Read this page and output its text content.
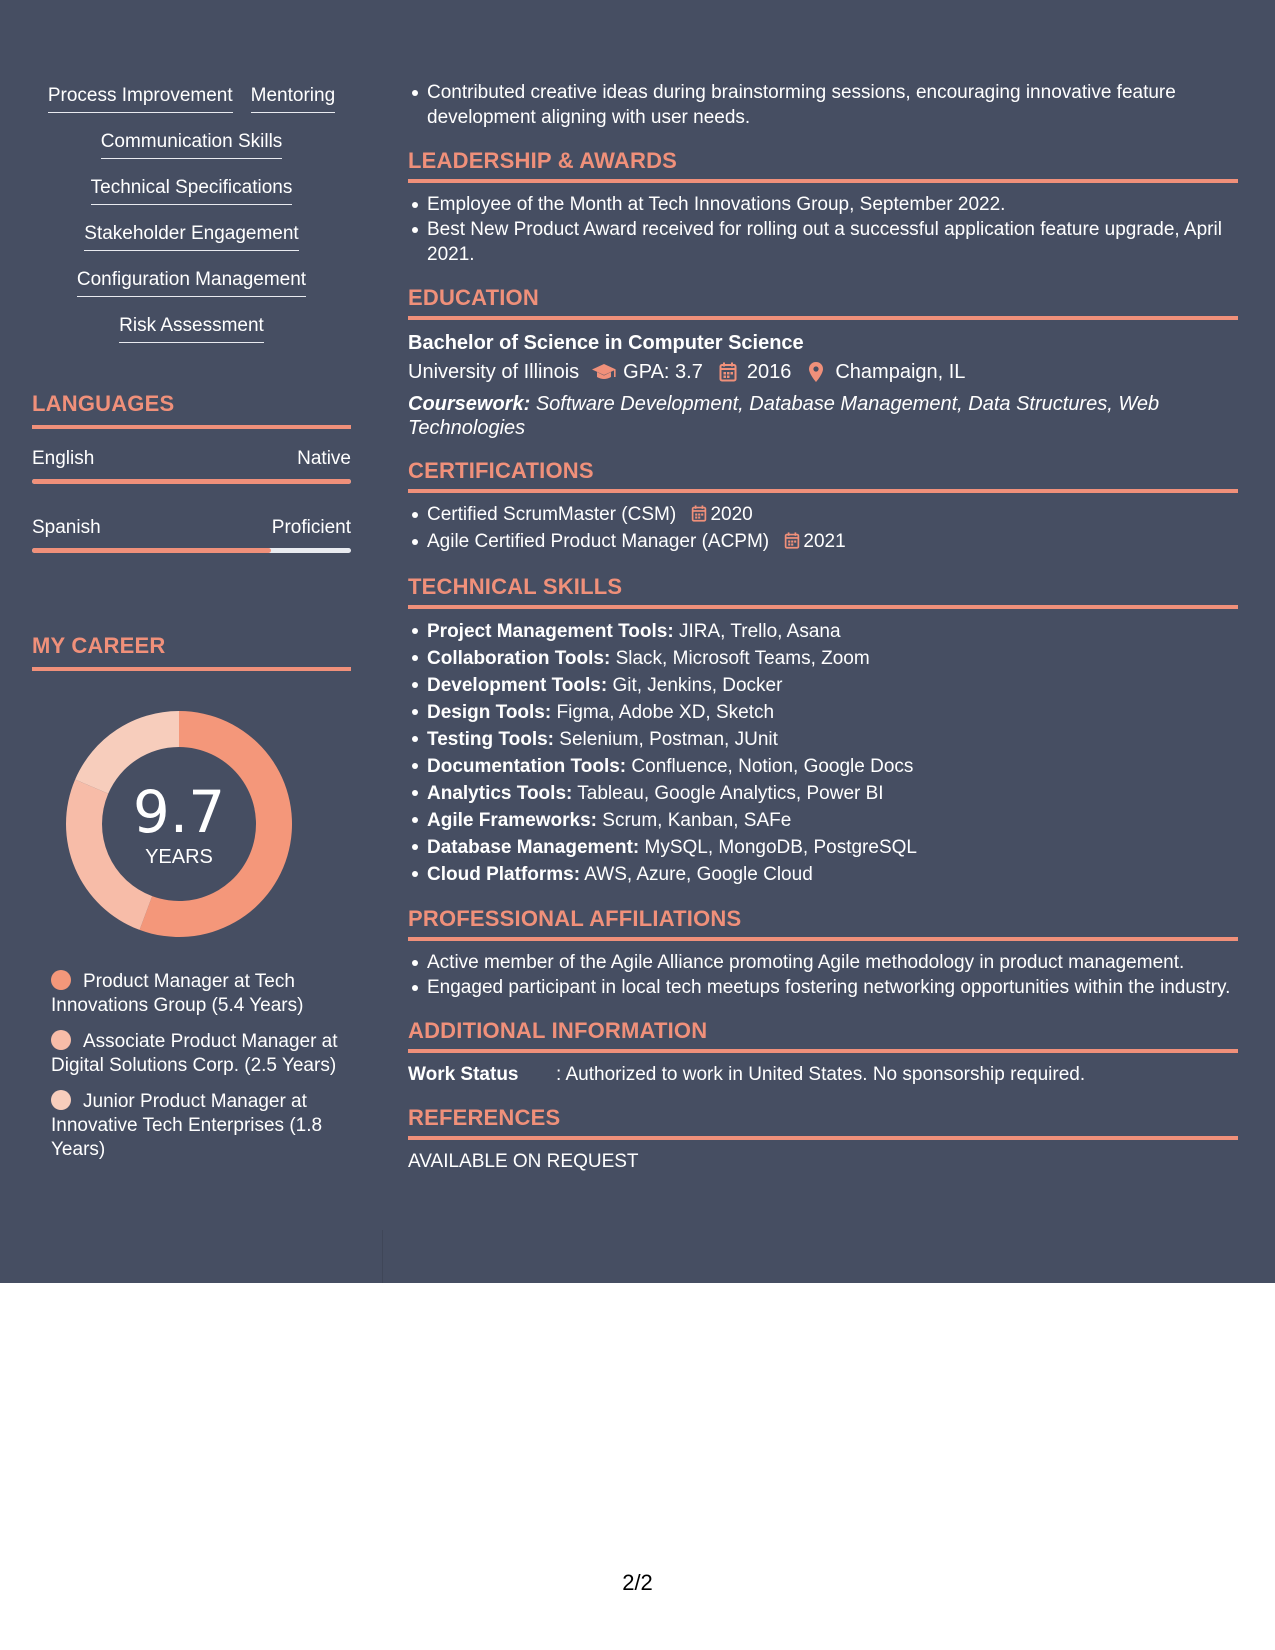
Process Improvement Mentoring
Communication Skills
Technical Specifications
Stakeholder Engagement
Configuration Management
Risk Assessment
LANGUAGES
English	Native
Spanish	Proficient
MY CAREER
9.7
YEARS
Product Manager at Tech Innovations Group (5.4 Years)
Associate Product Manager at Digital Solutions Corp. (2.5 Years)
Junior Product Manager at Innovative Tech Enterprises (1.8 Years)
Contributed creative ideas during brainstorming sessions, encouraging innovative feature development aligning with user needs.
LEADERSHIP & AWARDS
Employee of the Month at Tech Innovations Group, September 2022.
Best New Product Award received for rolling out a successful application feature upgrade, April 2021.
EDUCATION
Bachelor of Science in Computer Science
University of Illinois GPA: 3.7 2016 Champaign, IL
Coursework: Software Development, Database Management, Data Structures, Web Technologies
CERTIFICATIONS
Certified ScrumMaster (CSM) 2020
Agile Certified Product Manager (ACPM) 2021
TECHNICAL SKILLS
Project Management Tools: JIRA, Trello, Asana
Collaboration Tools: Slack, Microsoft Teams, Zoom
Development Tools: Git, Jenkins, Docker
Design Tools: Figma, Adobe XD, Sketch
Testing Tools: Selenium, Postman, JUnit
Documentation Tools: Confluence, Notion, Google Docs
Analytics Tools: Tableau, Google Analytics, Power BI
Agile Frameworks: Scrum, Kanban, SAFe
Database Management: MySQL, MongoDB, PostgreSQL
Cloud Platforms: AWS, Azure, Google Cloud
PROFESSIONAL AFFILIATIONS
Active member of the Agile Alliance promoting Agile methodology in product management.
Engaged participant in local tech meetups fostering networking opportunities within the industry.
ADDITIONAL INFORMATION
Work Status	: Authorized to work in United States. No sponsorship required.
REFERENCES
AVAILABLE ON REQUEST
2/2
